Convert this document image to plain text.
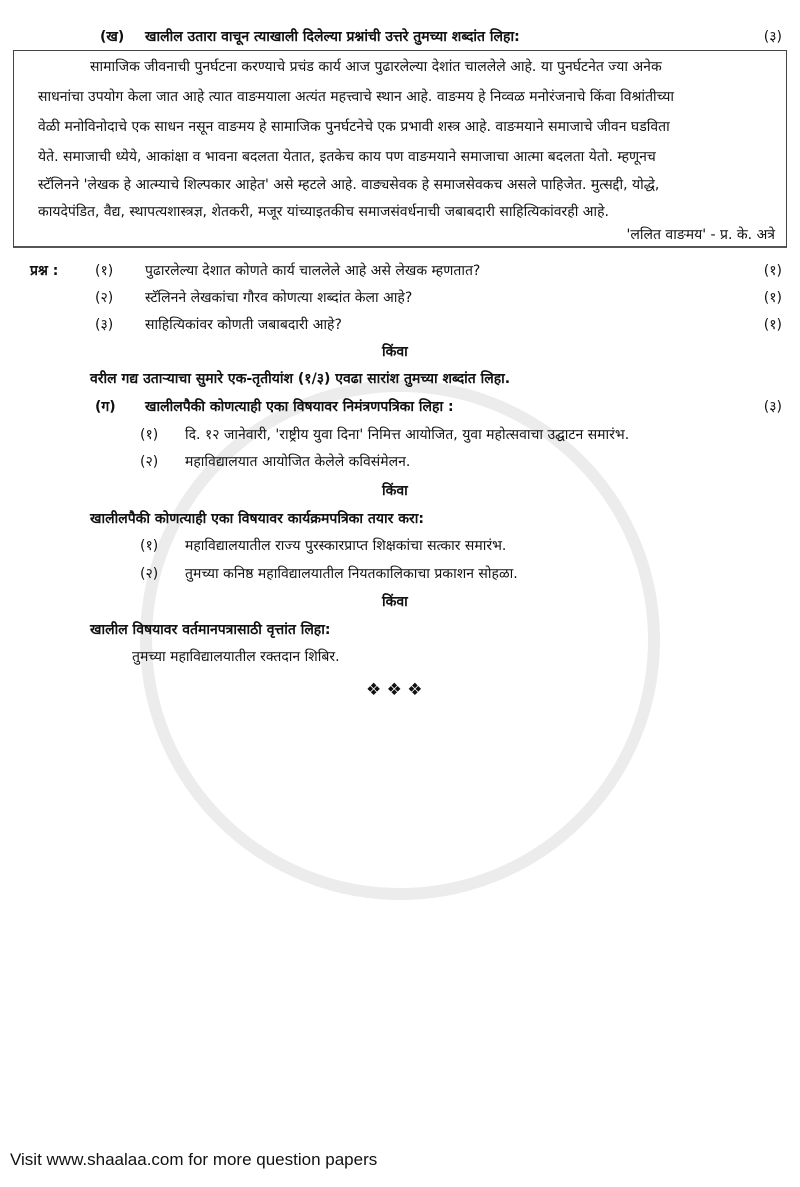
(ख) खालील उतारा वाचून त्याखाली दिलेल्या प्रश्नांची उत्तरे तुमच्या शब्दांत लिहा:	(३)
सामाजिक जीवनाची पुनर्घटना करण्याचे प्रचंड कार्य आज पुढारलेल्या देशांत चाललेले आहे. या पुनर्घटनेत ज्या अनेक
साधनांचा उपयोग केला जात आहे त्यात वाङमयाला अत्यंत महत्त्वाचे स्थान आहे. वाङमय हे निव्वळ मनोरंजनाचे किंवा विश्रांतीच्या
वेळी मनोविनोदाचे एक साधन नसून वाङमय हे सामाजिक पुनर्घटनेचे एक प्रभावी शस्त्र आहे. वाङमयाने समाजाचे जीवन घडविता
येते. समाजाची ध्येये, आकांक्षा व भावना बदलता येतात, इतकेच काय पण वाङमयाने समाजाचा आत्मा बदलता येतो. म्हणूनच
स्टॅलिनने 'लेखक हे आत्म्याचे शिल्पकार आहेत' असे म्हटले आहे. वाङ्यसेवक हे समाजसेवकच असले पाहिजेत. मुत्सद्दी, योद्धे,
कायदेपंडित, वैद्य, स्थापत्यशास्त्रज्ञ, शेतकरी, मजूर यांच्याइतकीच समाजसंवर्धनाची जबाबदारी साहित्यिकांवरही आहे.
'ललित वाङमय' - प्र. के. अत्रे
प्रश्न :	(१) पुढारलेल्या देशात कोणते कार्य चाललेले आहे असे लेखक म्हणतात?	(१)
(२) स्टॅलिनने लेखकांचा गौरव कोणत्या शब्दांत केला आहे?	(१)
(३) साहित्यिकांवर कोणती जबाबदारी आहे?	(१)
किंवा
वरील गद्य उताऱ्याचा सुमारे एक-तृतीयांश (१/३) एवढा सारांश तुमच्या शब्दांत लिहा.
(ग) खालीलपैकी कोणत्याही एका विषयावर निमंत्रणपत्रिका लिहा :	(३)
(१) दि. १२ जानेवारी, 'राष्ट्रीय युवा दिना' निमित्त आयोजित, युवा महोत्सवाचा उद्घाटन समारंभ.
(२) महाविद्यालयात आयोजित केलेले कविसंमेलन.
किंवा
खालीलपैकी कोणत्याही एका विषयावर कार्यक्रमपत्रिका तयार करा:
(१) महाविद्यालयातील राज्य पुरस्कारप्राप्त शिक्षकांचा सत्कार समारंभ.
(२) तुमच्या कनिष्ठ महाविद्यालयातील नियतकालिकाचा प्रकाशन सोहळा.
किंवा
खालील विषयावर वर्तमानपत्रासाठी वृत्तांत लिहा:
तुमच्या महाविद्यालयातील रक्तदान शिबिर.
❖ ❖ ❖
Visit www.shaalaa.com for more question papers
